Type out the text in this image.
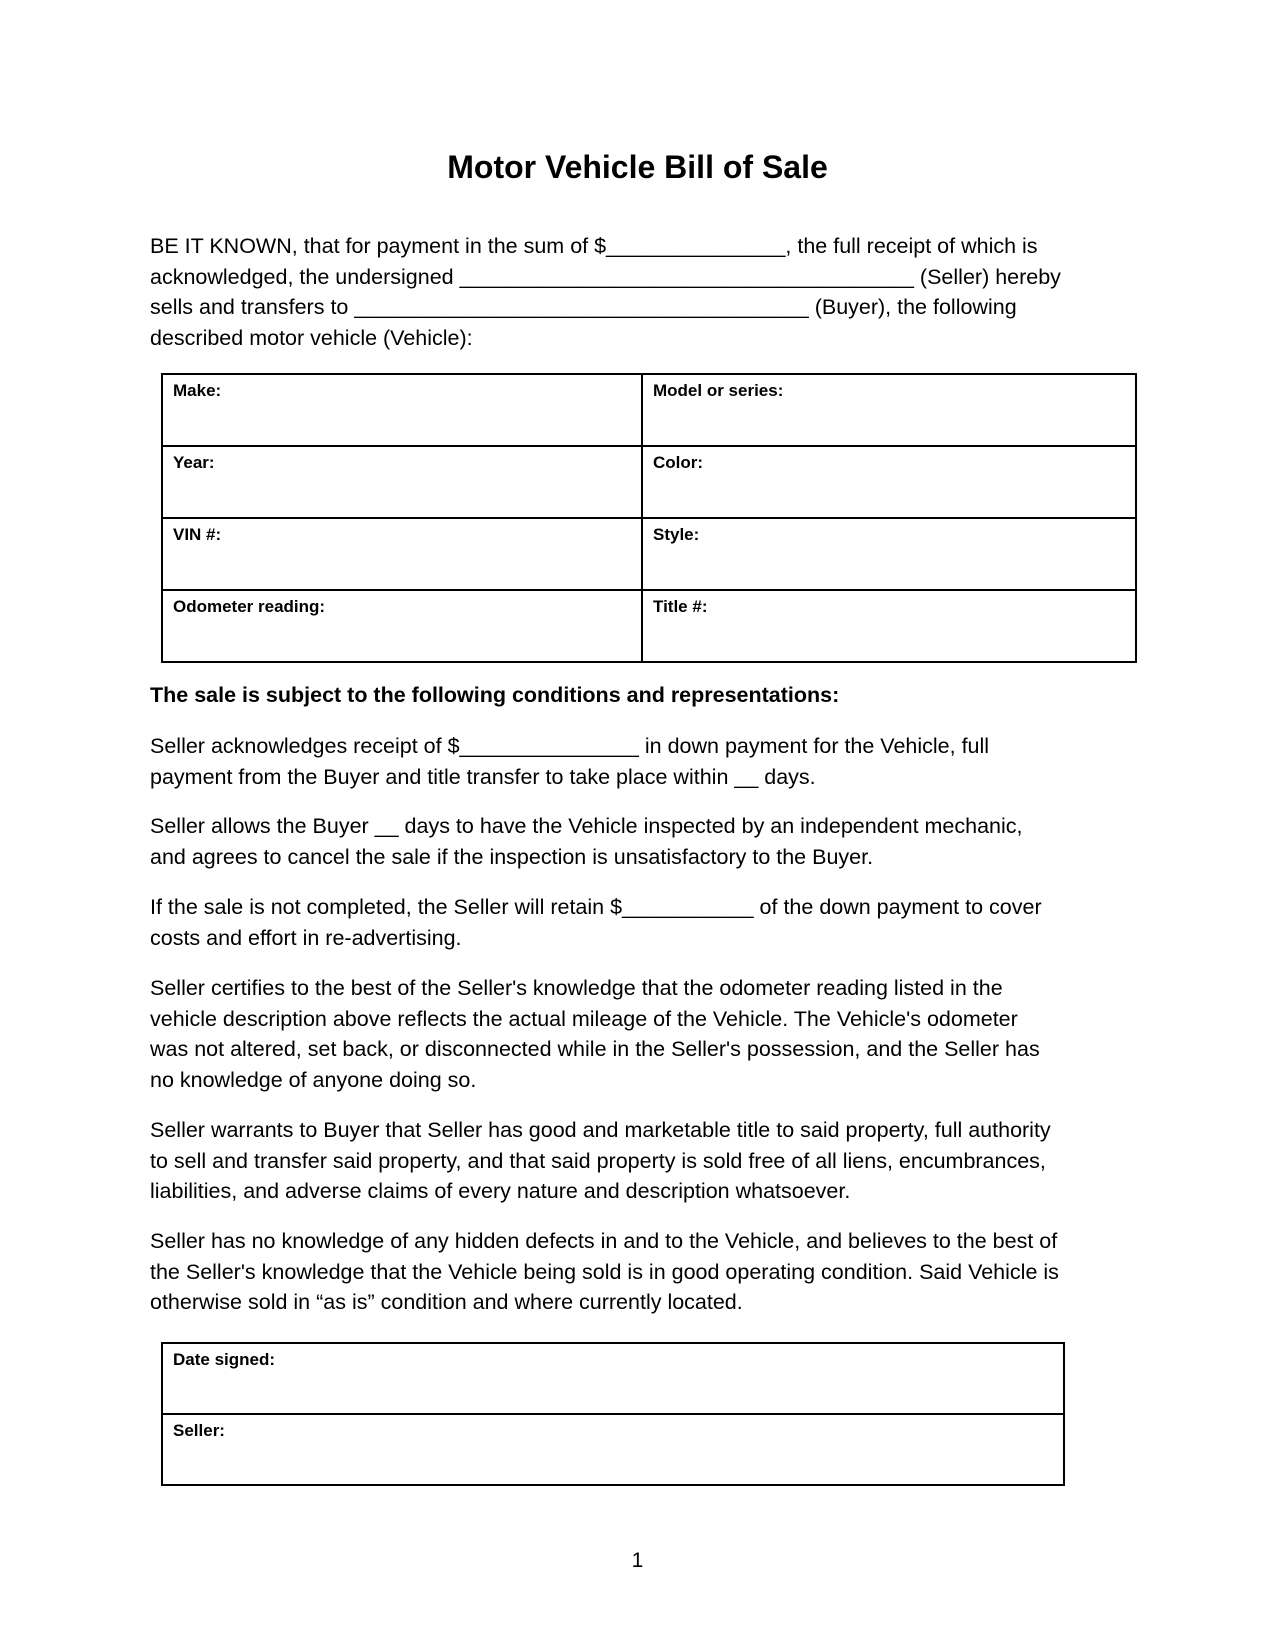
Motor Vehicle Bill of Sale
BE IT KNOWN, that for payment in the sum of $_______________, the full receipt of which is
acknowledged, the undersigned ______________________________________ (Seller) hereby
sells and transfers to ______________________________________ (Buyer), the following
described motor vehicle (Vehicle):
Make:	Model or series:
Year:	Color:
VIN #:	Style:
Odometer reading:	Title #:
The sale is subject to the following conditions and representations:
Seller acknowledges receipt of $_______________ in down payment for the Vehicle, full
payment from the Buyer and title transfer to take place within __ days.
Seller allows the Buyer __ days to have the Vehicle inspected by an independent mechanic,
and agrees to cancel the sale if the inspection is unsatisfactory to the Buyer.
If the sale is not completed, the Seller will retain $___________ of the down payment to cover
costs and effort in re-advertising.
Seller certifies to the best of the Seller's knowledge that the odometer reading listed in the
vehicle description above reflects the actual mileage of the Vehicle. The Vehicle's odometer
was not altered, set back, or disconnected while in the Seller's possession, and the Seller has
no knowledge of anyone doing so.
Seller warrants to Buyer that Seller has good and marketable title to said property, full authority
to sell and transfer said property, and that said property is sold free of all liens, encumbrances,
liabilities, and adverse claims of every nature and description whatsoever.
Seller has no knowledge of any hidden defects in and to the Vehicle, and believes to the best of
the Seller's knowledge that the Vehicle being sold is in good operating condition. Said Vehicle is
otherwise sold in “as is” condition and where currently located.
Date signed:
Seller:
1
